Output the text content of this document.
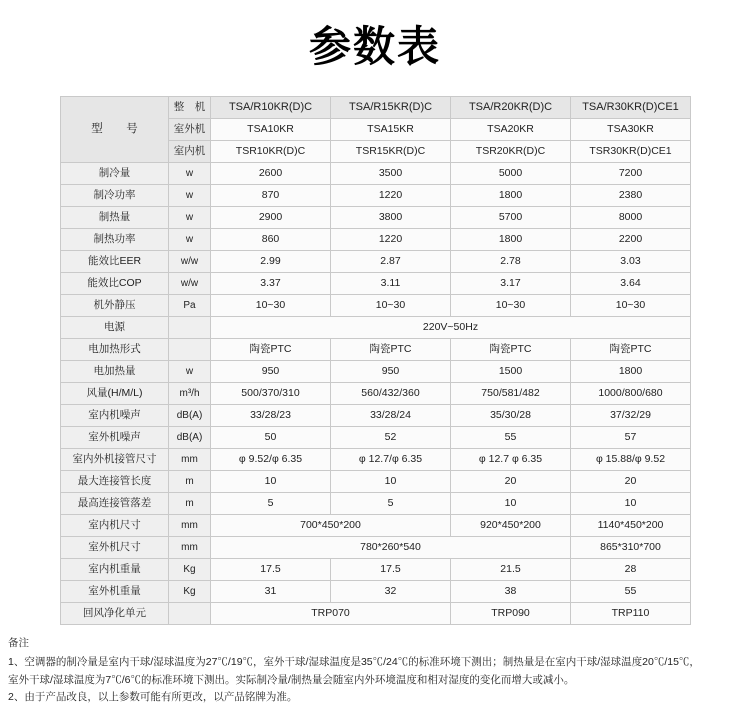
参数表
型　号	整　机	TSA/R10KR(D)C	TSA/R15KR(D)C	TSA/R20KR(D)C	TSA/R30KR(D)CE1
	室外机	TSA10KR	TSA15KR	TSA20KR	TSA30KR
	室内机	TSR10KR(D)C	TSR15KR(D)C	TSR20KR(D)C	TSR30KR(D)CE1
制冷量	w	2600	3500	5000	7200
制冷功率	w	870	1220	1800	2380
制热量	w	2900	3800	5700	8000
制热功率	w	860	1220	1800	2200
能效比EER	w/w	2.99	2.87	2.78	3.03
能效比COP	w/w	3.37	3.11	3.17	3.64
机外静压	Pa	10~30	10~30	10~30	10~30
电源		220V~50Hz			
电加热形式		陶瓷PTC	陶瓷PTC	陶瓷PTC	陶瓷PTC
电加热量	w	950	950	1500	1800
风量(H/M/L)	m³/h	500/370/310	560/432/360	750/581/482	1000/800/680
室内机噪声	dB(A)	33/28/23	33/28/24	35/30/28	37/32/29
室外机噪声	dB(A)	50	52	55	57
室内外机接管尺寸	mm	φ 9.52/φ 6.35	φ 12.7/φ 6.35	φ 12.7 φ 6.35	φ 15.88/φ 9.52
最大连接管长度	m	10	10	20	20
最高连接管落差	m	5	5	10	10
室内机尺寸	mm	700*450*200		920*450*200	1140*450*200
室外机尺寸	mm	780*260*540			865*310*700
室内机重量	Kg	17.5	17.5	21.5	28
室外机重量	Kg	31	32	38	55
回风净化单元		TRP070		TRP090	TRP110
备注
1、空调器的制冷量是室内干球/湿球温度为27℃/19℃，室外干球/湿球温度是35℃/24℃的标准环境下测出；制热量是在室内干球/湿球温度20℃/15℃，
室外干球/湿球温度为7℃/6℃的标准环境下测出。实际制冷量/制热量会随室内外环境温度和相对湿度的变化而增大或减小。
2、由于产品改良，以上参数可能有所更改，以产品铭牌为准。
